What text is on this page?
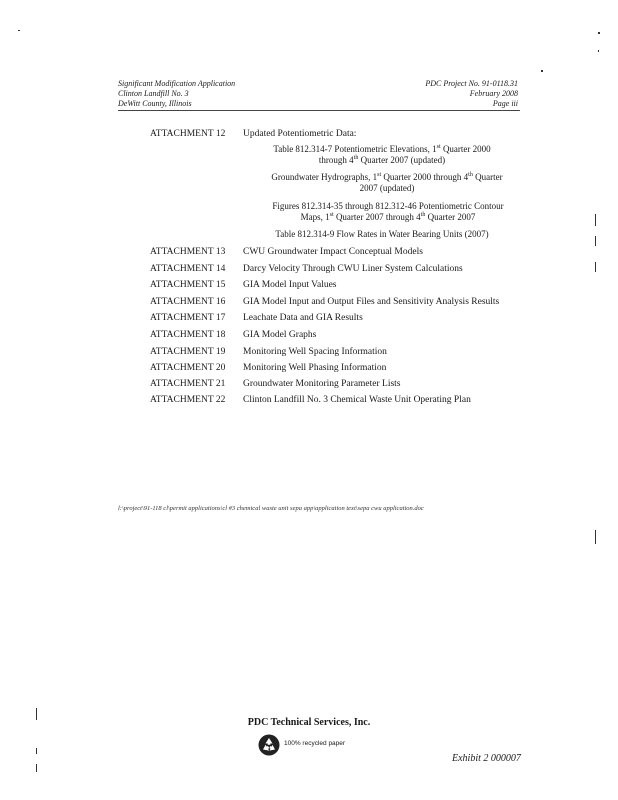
Significant Modification Application
Clinton Landfill No. 3
DeWitt County, Illinois
PDC Project No. 91-0118.31
February 2008
Page iii
ATTACHMENT 12	Updated Potentiometric Data:
Table 812.314-7 Potentiometric Elevations, 1st Quarter 2000
through 4th Quarter 2007 (updated)
Groundwater Hydrographs, 1st Quarter 2000 through 4th Quarter
2007 (updated)
Figures 812.314-35 through 812.312-46 Potentiometric Contour
Maps, 1st Quarter 2007 through 4th Quarter 2007
Table 812.314-9 Flow Rates in Water Bearing Units (2007)
ATTACHMENT 13	CWU Groundwater Impact Conceptual Models
ATTACHMENT 14	Darcy Velocity Through CWU Liner System Calculations
ATTACHMENT 15	GIA Model Input Values
ATTACHMENT 16	GIA Model Input and Output Files and Sensitivity Analysis Results
ATTACHMENT 17	Leachate Data and GIA Results
ATTACHMENT 18	GIA Model Graphs
ATTACHMENT 19	Monitoring Well Spacing Information
ATTACHMENT 20	Monitoring Well Phasing Information
ATTACHMENT 21	Groundwater Monitoring Parameter Lists
ATTACHMENT 22	Clinton Landfill No. 3 Chemical Waste Unit Operating Plan
l:\project\91-118 cl\permit applications\cl #3 chemical waste unit sepa app\application text\sepa cwu application.doc
PDC Technical Services, Inc.
100% recycled paper
Exhibit 2 000007
